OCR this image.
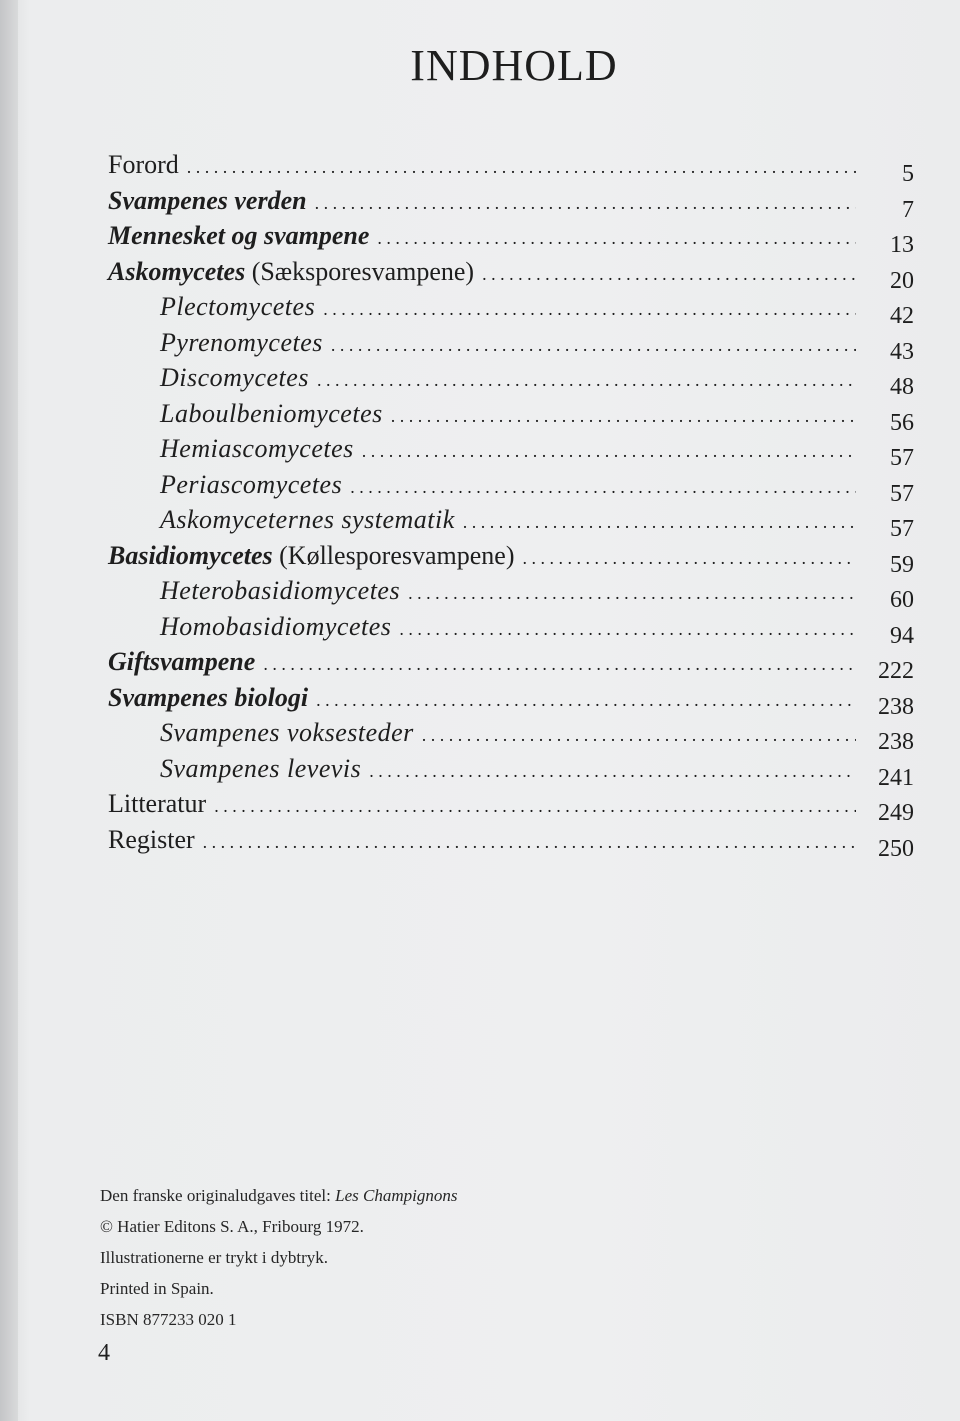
INDHOLD
Forord . . .	5
Svampenes verden . . .	7
Mennesket og svampene . . .	13
Askomycetes (Sæksporesvampene) . . .	20
Plectomycetes . . .	42
Pyrenomycetes . . .	43
Discomycetes . . .	48
Laboulbeniomycetes . . .	56
Hemiascomycetes . . .	57
Periascomycetes . . .	57
Askomyceternes systematik . . .	57
Basidiomycetes (Køllesporesvampene) . . .	59
Heterobasidiomycetes . . .	60
Homobasidiomycetes . . .	94
Giftsvampene . . .	222
Svampenes biologi . . .	238
Svampenes voksesteder . . .	238
Svampenes levevis . . .	241
Litteratur . . .	249
Register . . .	250
Den franske originaludgaves titel: Les Champignons
© Hatier Editons S. A., Fribourg 1972.
Illustrationerne er trykt i dybtryk.
Printed in Spain.
ISBN 877233 020 1
4
